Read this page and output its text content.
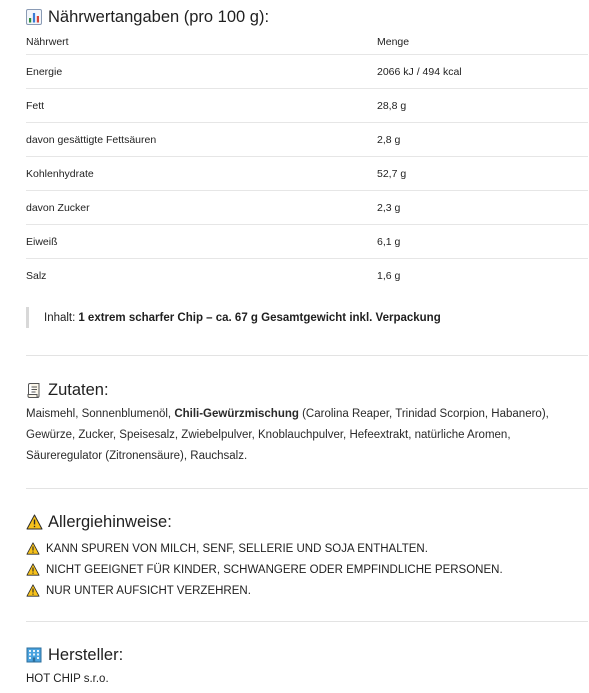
Nährwertangaben (pro 100 g):
Nährwert	Menge
Energie	2066 kJ / 494 kcal
Fett	28,8 g
davon gesättigte Fettsäuren	2,8 g
Kohlenhydrate	52,7 g
davon Zucker	2,3 g
Eiweiß	6,1 g
Salz	1,6 g
Inhalt: 1 extrem scharfer Chip – ca. 67 g Gesamtgewicht inkl. Verpackung
Zutaten:
Maismehl, Sonnenblumenöl, Chili-Gewürzmischung (Carolina Reaper, Trinidad Scorpion, Habanero), Gewürze, Zucker, Speisesalz, Zwiebelpulver, Knoblauchpulver, Hefeextrakt, natürliche Aromen, Säureregulator (Zitronensäure), Rauchsalz.
Allergiehinweise:
KANN SPUREN VON MILCH, SENF, SELLERIE UND SOJA ENTHALTEN.
NICHT GEEIGNET FÜR KINDER, SCHWANGERE ODER EMPFINDLICHE PERSONEN.
NUR UNTER AUFSICHT VERZEHREN.
Hersteller:
HOT CHIP s.r.o.
